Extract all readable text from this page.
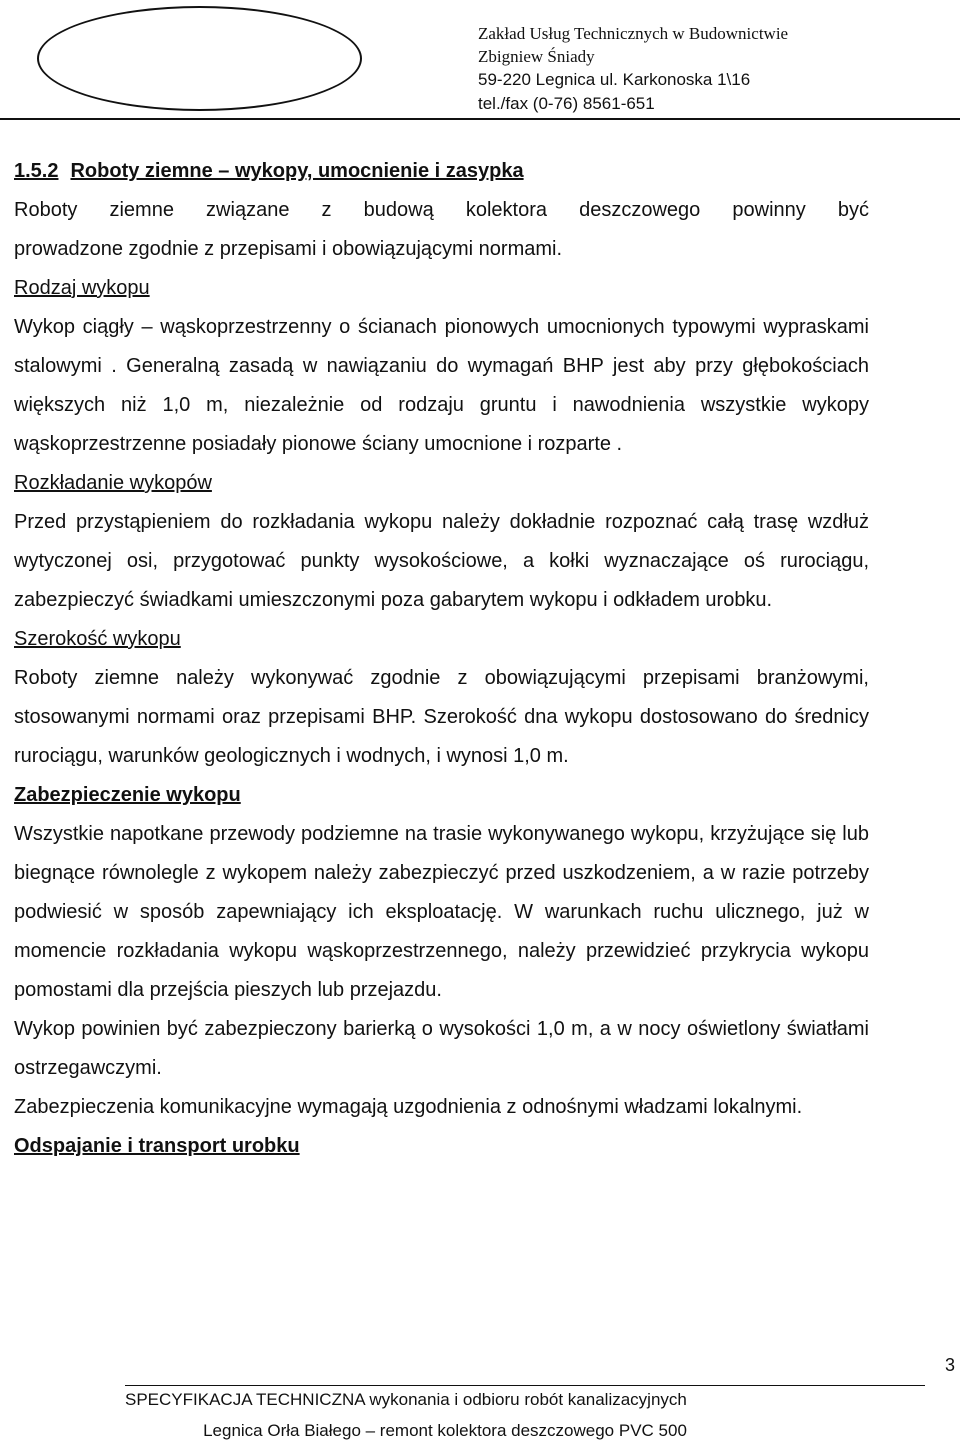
Zakład Usług Technicznych w Budownictwie
Zbigniew Śniady
59-220 Legnica ul. Karkonoska 1\16
tel./fax (0-76) 8561-651

1.5.2 Roboty ziemne – wykopy, umocnienie i zasypka

Roboty ziemne związane z budową kolektora deszczowego powinny być

prowadzone zgodnie z przepisami i obowiązującymi normami.

Rodzaj wykopu

Wykop ciągły – wąskoprzestrzenny o ścianach pionowych umocnionych typowymi wypraskami stalowymi . Generalną zasadą w nawiązaniu do wymagań BHP jest aby przy głębokościach większych niż 1,0 m, niezależnie od rodzaju gruntu i nawodnienia wszystkie wykopy wąskoprzestrzenne posiadały pionowe ściany umocnione i rozparte .

Rozkładanie wykopów

Przed przystąpieniem do rozkładania wykopu należy dokładnie rozpoznać całą trasę wzdłuż wytyczonej osi, przygotować punkty wysokościowe, a kołki wyznaczające oś rurociągu, zabezpieczyć świadkami umieszczonymi poza gabarytem wykopu i odkładem urobku.

Szerokość wykopu

Roboty ziemne należy wykonywać zgodnie z obowiązującymi przepisami branżowymi, stosowanymi normami oraz przepisami BHP. Szerokość dna wykopu dostosowano do średnicy rurociągu, warunków geologicznych i wodnych, i wynosi 1,0 m.

Zabezpieczenie wykopu

Wszystkie napotkane przewody podziemne na trasie wykonywanego wykopu, krzyżujące się lub biegnące równolegle z wykopem należy zabezpieczyć przed uszkodzeniem, a w razie potrzeby podwiesić w sposób zapewniający ich eksploatację. W warunkach ruchu ulicznego, już w momencie rozkładania wykopu wąskoprzestrzennego, należy przewidzieć przykrycia wykopu pomostami dla przejścia pieszych lub przejazdu.

Wykop powinien być zabezpieczony barierką o wysokości 1,0 m, a w nocy oświetlony światłami ostrzegawczymi.

Zabezpieczenia komunikacyjne wymagają uzgodnienia z odnośnymi władzami lokalnymi.

Odspajanie i transport urobku

3
SPECYFIKACJA TECHNICZNA wykonania i odbioru robót kanalizacyjnych
Legnica Orła Białego – remont kolektora deszczowego PVC 500
